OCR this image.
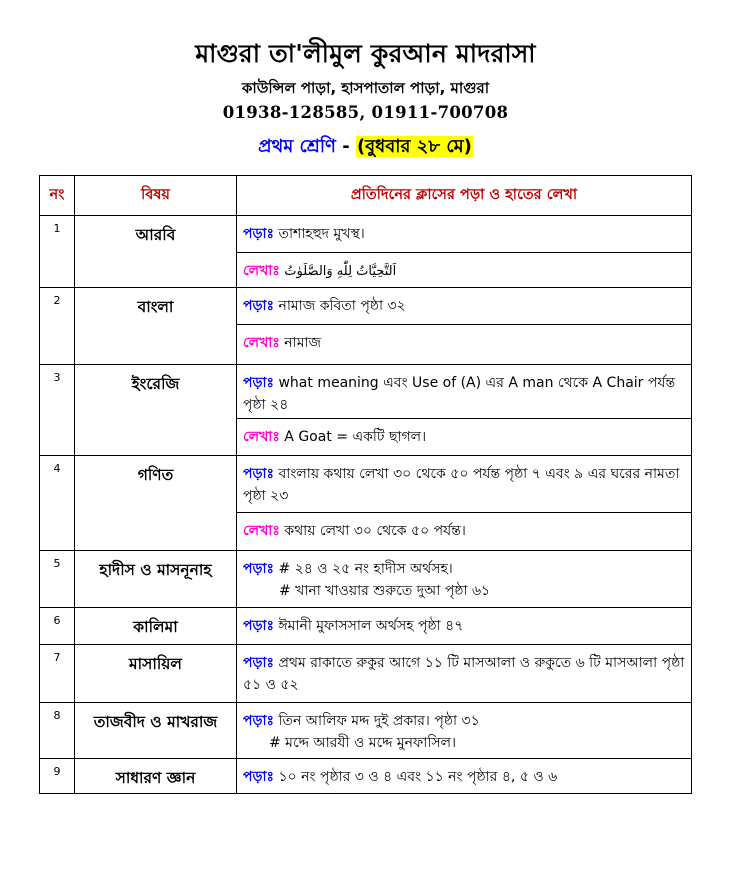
মাগুরা তা'লীমুল কুরআন মাদরাসা
কাউন্সিল পাড়া, হাসপাতাল পাড়া, মাগুরা
01938-128585, 01911-700708
প্রথম শ্রেণি - (বুধবার ২৮ মে)
নং	বিষয়	প্রতিদিনের ক্লাসের পড়া ও হাতের লেখা
1	আরবি	পড়াঃ তাশাহহুদ মুখস্থ।
		লেখাঃ اَلتَّحِيَّاتُ لِلّٰهِ وَالصَّلَوٰتُ
2	বাংলা	পড়াঃ নামাজ কবিতা পৃষ্ঠা ৩২
		লেখাঃ নামাজ
3	ইংরেজি	পড়াঃ what meaning এবং Use of (A) এর A man থেকে A Chair পর্যন্ত পৃষ্ঠা ২৪
		লেখাঃ A Goat = একটি ছাগল।
4	গণিত	পড়াঃ বাংলায় কথায় লেখা ৩০ থেকে ৫০ পর্যন্ত পৃষ্ঠা ৭ এবং ৯ এর ঘরের নামতা পৃষ্ঠা ২৩
		লেখাঃ কথায় লেখা ৩০ থেকে ৫০ পর্যন্ত।
5	হাদীস ও মাসনূনাহ	পড়াঃ # ২৪ ও ২৫ নং হাদীস অর্থসহ।
# খানা খাওয়ার শুরুতে দুআ পৃষ্ঠা ৬১

6	কালিমা	পড়াঃ ঈমানী মুফাসসাল অর্থসহ পৃষ্ঠা ৪৭
7	মাসায়িল	পড়াঃ প্রথম রাকাতে রুকুর আগে ১১ টি মাসআলা ও রুকুতে ৬ টি মাসআলা পৃষ্ঠা ৫১ ও ৫২
8	তাজবীদ ও মাখরাজ	পড়াঃ তিন আলিফ মদ্দ দুই প্রকার। পৃষ্ঠা ৩১
# মদ্দে আরযী ও মদ্দে মুনফাসিল।

9	সাধারণ জ্ঞান	পড়াঃ ১০ নং পৃষ্ঠার ৩ ও ৪ এবং ১১ নং পৃষ্ঠার ৪, ৫ ও ৬
